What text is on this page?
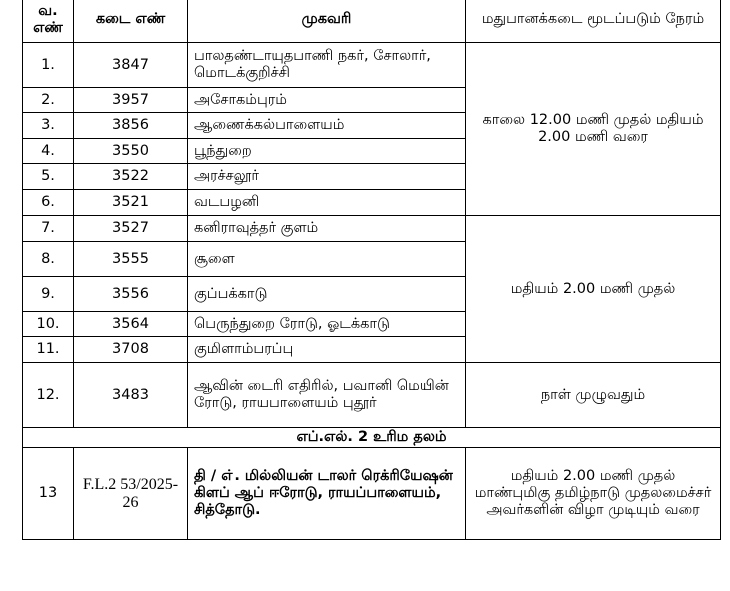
வ. எண்	கடை எண்	முகவரி	மதுபானக்கடை மூடப்படும் நேரம்
1.	3847	பாலதண்டாயுதபாணி நகர், சோலார், மொடக்குறிச்சி	காலை 12.00 மணி முதல் மதியம் 2.00 மணி வரை
2.	3957	அசோகம்புரம்	
3.	3856	ஆணைக்கல்பாளையம்	
4.	3550	பூந்துறை	
5.	3522	அரச்சலூர்	
6.	3521	வடபழனி	
7.	3527	கனிராவுத்தர் குளம்	மதியம் 2.00 மணி முதல்
8.	3555	சூளை	
9.	3556	குப்பக்காடு	
10.	3564	பெருந்துறை ரோடு, ஓடக்காடு	
11.	3708	குமிளாம்பரப்பு	
12.	3483	ஆவின் டைரி எதிரில், பவானி மெயின் ரோடு, ராயபாளையம் புதூர்	நாள் முழுவதும்
எப்.எல். 2 உரிம தலம்			
13	F.L.2 53/2025-26	தி / எ். மில்லியன் டாலர் ரெக்ரியேஷன் கிளப் ஆப் ஈரோடு, ராயப்பாளையம், சித்தோடு.	மதியம் 2.00 மணி முதல் மாண்புமிகு தமிழ்நாடு முதலமைச்சர் அவர்களின் விழா முடியும் வரை
